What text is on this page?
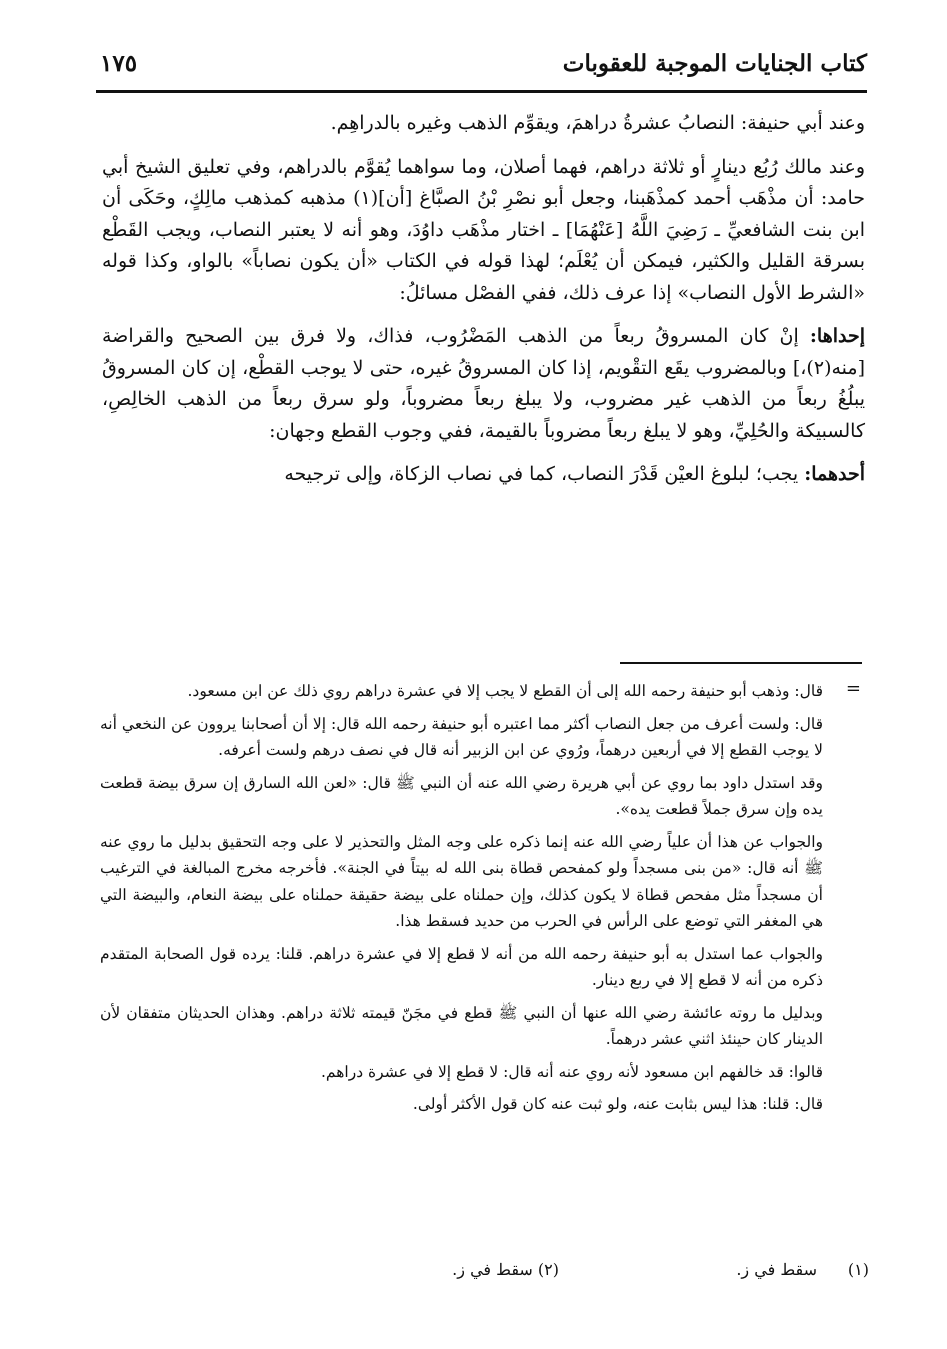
كتاب الجنايات الموجبة للعقوبات
١٧٥

وعند أبي حنيفة: النصابُ عشرةُ دراهمَ، ويقوِّم الذهب وغيره بالدراهِم.

وعند مالك رُبُع دينارٍ أو ثلاثة دراهم، فهما أصلان، وما سواهما يُقوَّم بالدراهم، وفي تعليق الشيخ أبي حامد: أن مذْهَب أحمد كمذْهَبنا، وجعل أبو نصْرِ بْنُ الصبَّاغ [أن](١) مذهبه كمذهب مالِكٍ، وحَكَى أن ابن بنت الشافعيِّ ـ رَضِيَ اللَّهُ [عَنْهُمَا] ـ اختار مذْهَب داوُدَ، وهو أنه لا يعتبر النصاب، ويجب القَطْع بسرقة القليل والكثير، فيمكن أن يُعْلَم؛ لهذا قوله في الكتاب «أن يكون نصاباً» بالواو، وكذا قوله «الشرط الأول النصاب» إذا عرف ذلك، ففي الفصْل مسائلُ:

إحداها: إنْ كان المسروقُ ربعاً من الذهب المَضْرُوب، فذاك، ولا فرق بين الصحيح والقراضة [منه(٢)،] وبالمضروب يقَع التقْويم، إذا كان المسروقُ غيره، حتى لا يوجب القطْع، إن كان المسروقُ يبلُغُ ربعاً من الذهب غير مضروب، ولا يبلغ ربعاً مضروباً، ولو سرق ربعاً من الذهب الخالِصِ، كالسبيكة والحُلِيِّ، وهو لا يبلغ ربعاً مضروباً بالقيمة، ففي وجوب القطع وجهان:

أحدهما: يجب؛ لبلوغ العيْن قَدْرَ النصاب، كما في نصاب الزكاة، وإلى ترجيحه

=

قال: وذهب أبو حنيفة رحمه الله إلى أن القطع لا يجب إلا في عشرة دراهم روي ذلك عن ابن مسعود.

قال: ولست أعرف من جعل النصاب أكثر مما اعتبره أبو حنيفة رحمه الله قال: إلا أن أصحابنا يروون عن النخعي أنه لا يوجب القطع إلا في أربعين درهماً، ورُوي عن ابن الزبير أنه قال في نصف درهم ولست أعرفه.

وقد استدل داود بما روي عن أبي هريرة رضي الله عنه أن النبي ﷺ قال: «لعن الله السارق إن سرق بيضة قطعت يده وإن سرق جملاً قطعت يده».

والجواب عن هذا أن علياً رضي الله عنه إنما ذكره على وجه المثل والتحذير لا على وجه التحقيق بدليل ما روي عنه ﷺ أنه قال: «من بنى مسجداً ولو كمفحص قطاة بنى الله له بيتاً في الجنة». فأخرجه مخرج المبالغة في الترغيب أن مسجداً مثل مفحص قطاة لا يكون كذلك، وإن حملناه على بيضة حقيقة حملناه على بيضة النعام، والبيضة التي هي المغفر التي توضع على الرأس في الحرب من حديد فسقط هذا.

والجواب عما استدل به أبو حنيفة رحمه الله من أنه لا قطع إلا في عشرة دراهم. قلنا: يرده قول الصحابة المتقدم ذكره من أنه لا قطع إلا في ربع دينار.

وبدليل ما روته عائشة رضي الله عنها أن النبي ﷺ قطع في مجَنّ قيمته ثلاثة دراهم. وهذان الحديثان متفقان لأن الدينار كان حينئذ اثني عشر درهماً.

قالوا: قد خالفهم ابن مسعود لأنه روي عنه أنه قال: لا قطع إلا في عشرة دراهم.

قال: قلنا: هذا ليس بثابت عنه، ولو ثبت عنه كان قول الأكثر أولى.

(١)
سقط في ز.
(٢) سقط في ز.
